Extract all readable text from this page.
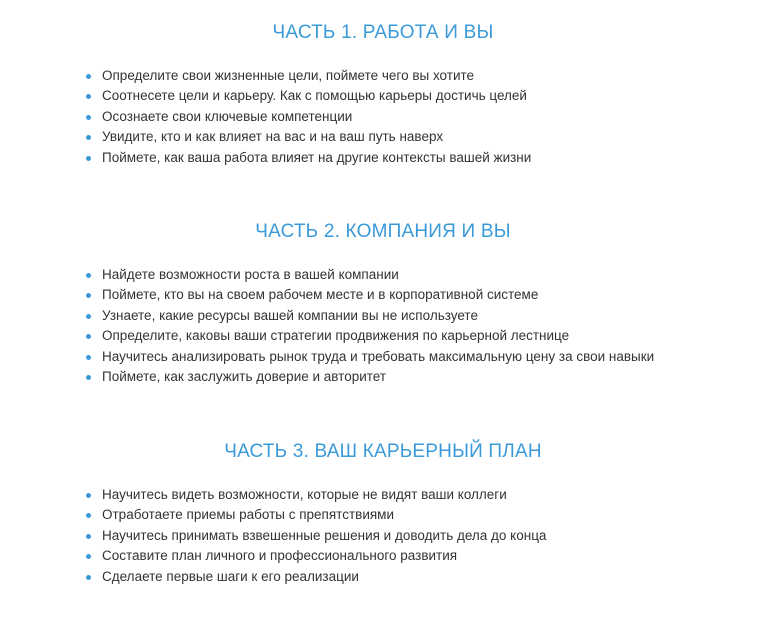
ЧАСТЬ 1. РАБОТА И ВЫ
Определите свои жизненные цели, поймете чего вы хотите
Соотнесете цели и карьеру. Как с помощью карьеры достичь целей
Осознаете свои ключевые компетенции
Увидите, кто и как влияет на вас и на ваш путь наверх
Поймете, как ваша работа влияет на другие контексты вашей жизни
ЧАСТЬ 2. КОМПАНИЯ И ВЫ
Найдете возможности роста в вашей компании
Поймете, кто вы на своем рабочем месте и в корпоративной системе
Узнаете, какие ресурсы вашей компании вы не используете
Определите, каковы ваши стратегии продвижения по карьерной лестнице
Научитесь анализировать рынок труда и требовать максимальную цену за свои навыки
Поймете, как заслужить доверие и авторитет
ЧАСТЬ 3. ВАШ КАРЬЕРНЫЙ ПЛАН
Научитесь видеть возможности, которые не видят ваши коллеги
Отработаете приемы работы с препятствиями
Научитесь принимать взвешенные решения и доводить дела до конца
Составите план личного и профессионального развития
Сделаете первые шаги к его реализации
